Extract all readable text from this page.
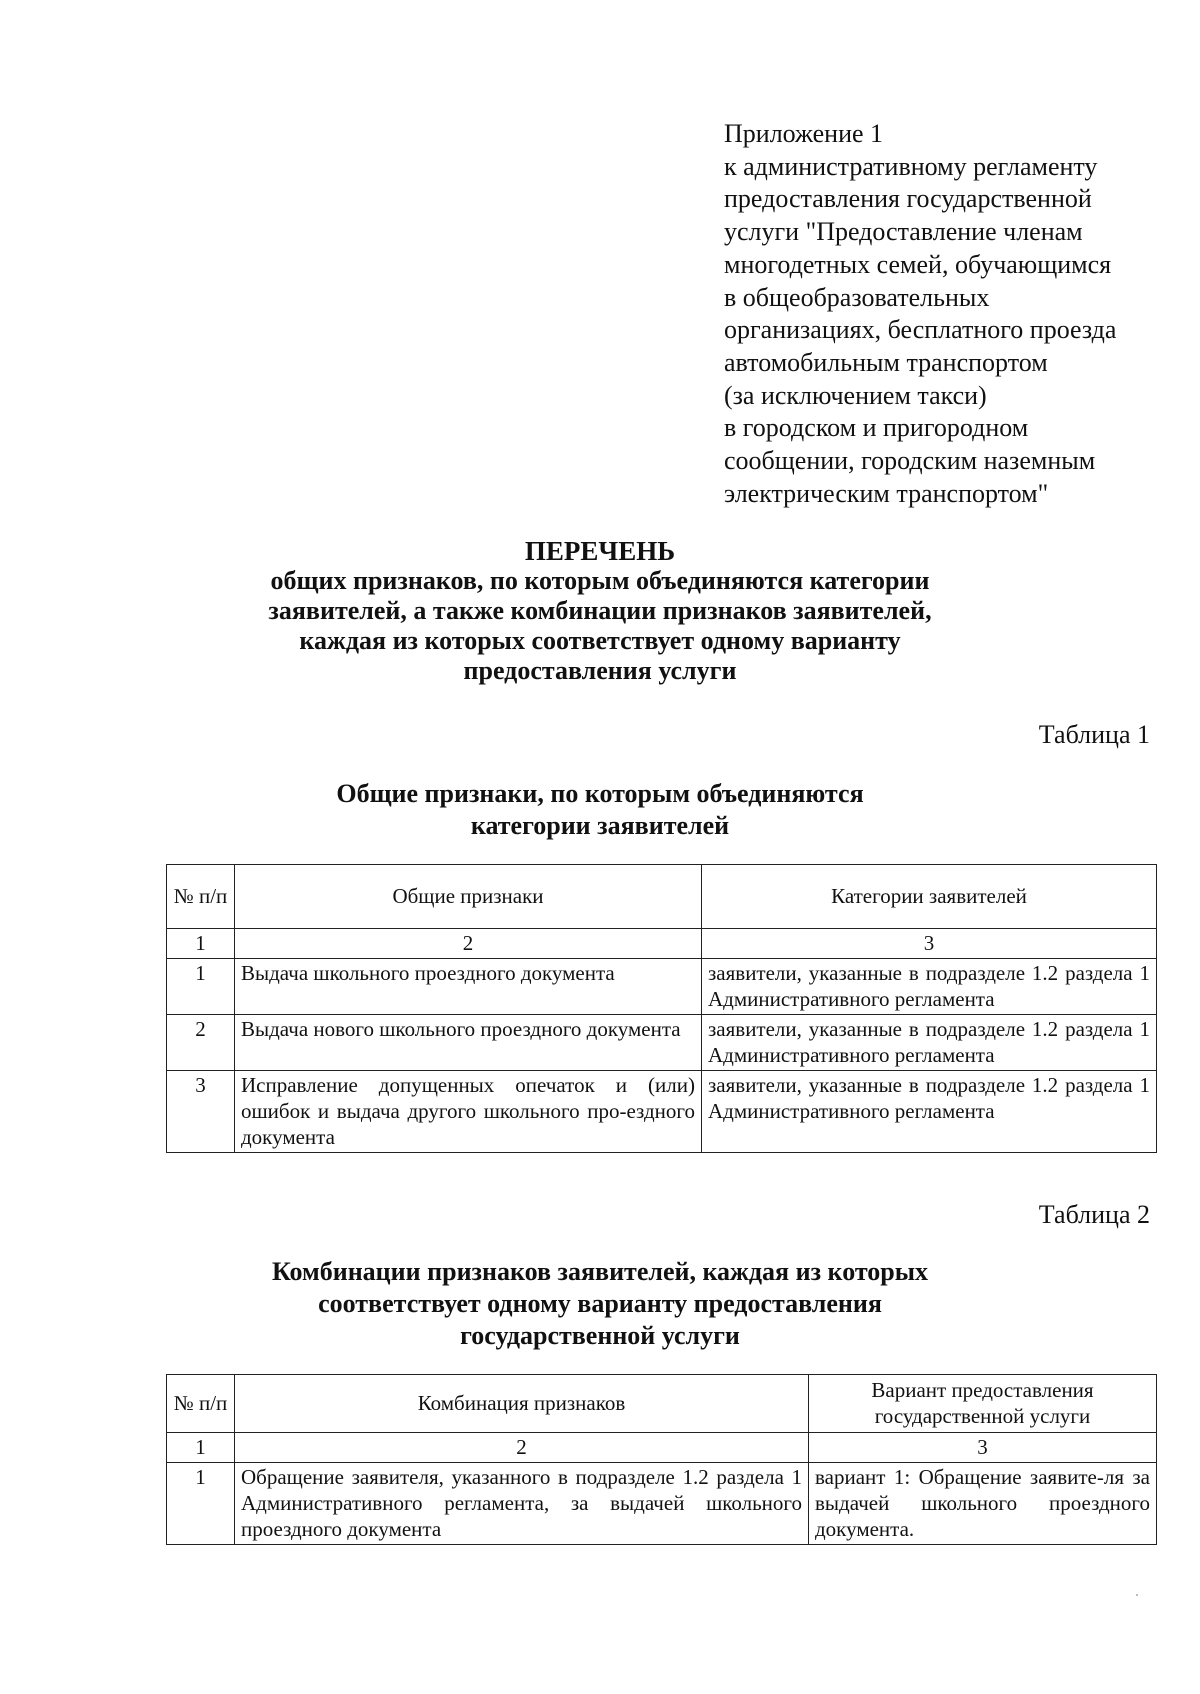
Приложение 1
к административному регламенту
предоставления государственной
услуги "Предоставление членам
многодетных семей, обучающимся
в общеобразовательных
организациях, бесплатного проезда
автомобильным транспортом
(за исключением такси)
в городском и пригородном
сообщении, городским наземным
электрическим транспортом"
ПЕРЕЧЕНЬ
общих признаков, по которым объединяются категории
заявителей, а также комбинации признаков заявителей,
каждая из которых соответствует одному варианту
предоставления услуги
Таблица 1
Общие признаки, по которым объединяются
категории заявителей
№ п/п	Общие признаки	Категории заявителей
1	2	3
1	Выдача школьного проездного документа	заявители, указанные в подразделе 1.2 раздела 1 Административного регламента
2	Выдача нового школьного проездного документа	заявители, указанные в подразделе 1.2 раздела 1 Административного регламента
3	Исправление допущенных опечаток и (или) ошибок и выдача другого школьного про-ездного документа	заявители, указанные в подразделе 1.2 раздела 1 Административного регламента
Таблица 2
Комбинации признаков заявителей, каждая из которых
соответствует одному варианту предоставления
государственной услуги
№ п/п	Комбинация признаков	Вариант предоставления государственной услуги
1	2	3
1	Обращение заявителя, указанного в подразделе 1.2 раздела 1 Административного регламента, за выдачей школьного проездного документа	вариант 1: Обращение заявите-ля за выдачей школьного проездного документа.
